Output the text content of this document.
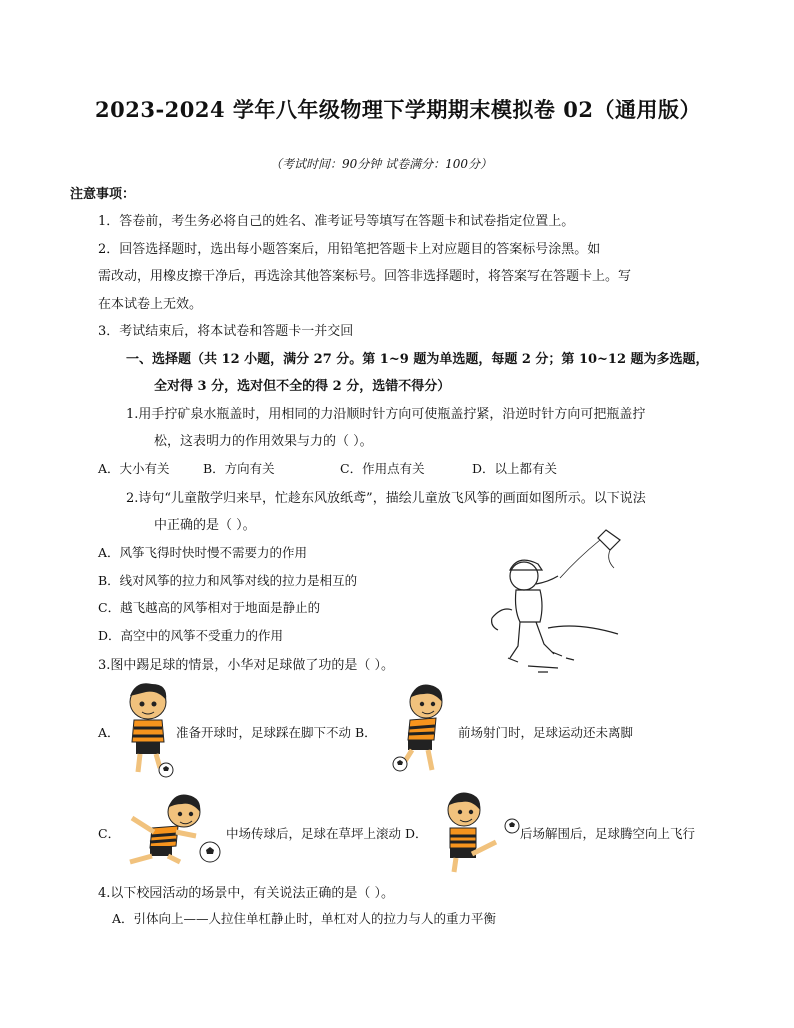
2023-2024 学年八年级物理下学期期末模拟卷 02（通用版）
（考试时间：90分钟 试卷满分：100分）
注意事项：
1．答卷前，考生务必将自己的姓名、准考证号等填写在答题卡和试卷指定位置上。
2．回答选择题时，选出每小题答案后，用铅笔把答题卡上对应题目的答案标号涂黑。如
需改动，用橡皮擦干净后，再选涂其他答案标号。回答非选择题时，将答案写在答题卡上。写
在本试卷上无效。
3．考试结束后，将本试卷和答题卡一并交回
一、选择题（共 12 小题，满分 27 分。第 1~9 题为单选题，每题 2 分；第 10~12 题为多选题，
全对得 3 分，选对但不全的得 2 分，选错不得分）
1.用手拧矿泉水瓶盖时，用相同的力沿顺时针方向可使瓶盖拧紧，沿逆时针方向可把瓶盖拧
松，这表明力的作用效果与力的（ ）。
A．大小有关	B．方向有关	C．作用点有关	D．以上都有关
2.诗句“儿童散学归来早，忙趁东风放纸鸢”，描绘儿童放飞风筝的画面如图所示。以下说法
中正确的是（ ）。
A．风筝飞得时快时慢不需要力的作用
B．线对风筝的拉力和风筝对线的拉力是相互的
C．越飞越高的风筝相对于地面是静止的
D．高空中的风筝不受重力的作用
3.图中踢足球的情景，小华对足球做了功的是（ ）。
A．	准备开球时，足球踩在脚下不动 B．	前场射门时，足球运动还未离脚
C．	中场传球后，足球在草坪上滚动 D．	后场解围后，足球腾空向上飞行
4.以下校园活动的场景中，有关说法正确的是（ ）。
A．引体向上——人拉住单杠静止时，单杠对人的拉力与人的重力平衡
